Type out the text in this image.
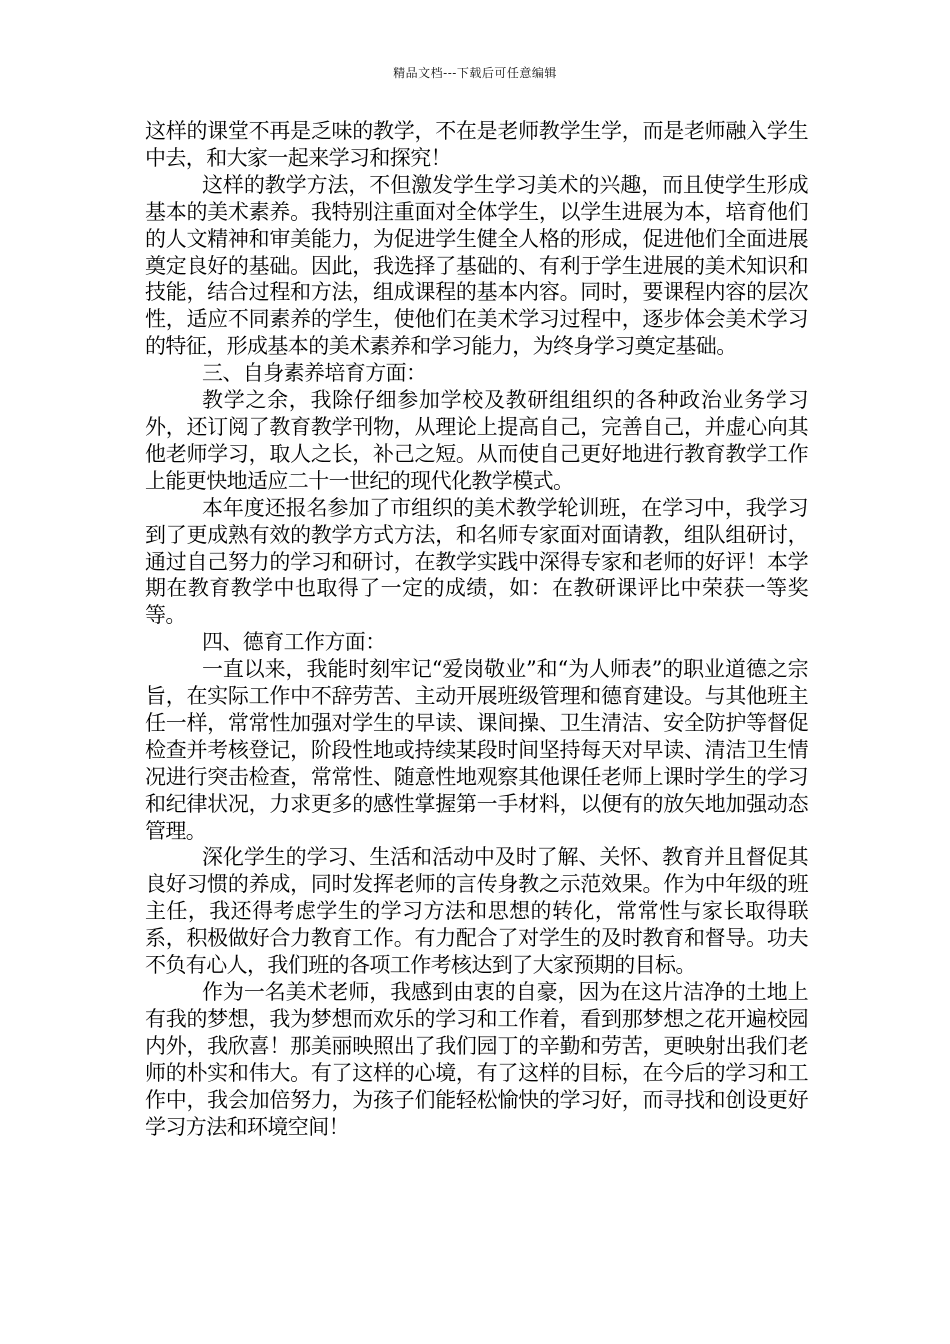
精品文档---下载后可任意编辑

这样的课堂不再是乏味的教学，不在是老师教学生学，而是老师融入学生中去，和大家一起来学习和探究！

这样的教学方法，不但激发学生学习美术的兴趣，而且使学生形成基本的美术素养。我特别注重面对全体学生，以学生进展为本，培育他们的人文精神和审美能力，为促进学生健全人格的形成，促进他们全面进展奠定良好的基础。因此，我选择了基础的、有利于学生进展的美术知识和技能，结合过程和方法，组成课程的基本内容。同时，要课程内容的层次性，适应不同素养的学生，使他们在美术学习过程中，逐步体会美术学习的特征，形成基本的美术素养和学习能力，为终身学习奠定基础。

三、自身素养培育方面：

教学之余，我除仔细参加学校及教研组组织的各种政治业务学习外，还订阅了教育教学刊物，从理论上提高自己，完善自己，并虚心向其他老师学习，取人之长，补己之短。从而使自己更好地进行教育教学工作上能更快地适应二十一世纪的现代化教学模式。

本年度还报名参加了市组织的美术教学轮训班，在学习中，我学习到了更成熟有效的教学方式方法，和名师专家面对面请教，组队组研讨，通过自己努力的学习和研讨，在教学实践中深得专家和老师的好评！本学期在教育教学中也取得了一定的成绩，如：在教研课评比中荣获一等奖等。

四、德育工作方面：

一直以来，我能时刻牢记“爱岗敬业”和“为人师表”的职业道德之宗旨，在实际工作中不辞劳苦、主动开展班级管理和德育建设。与其他班主任一样，常常性加强对学生的早读、课间操、卫生清洁、安全防护等督促检查并考核登记，阶段性地或持续某段时间坚持每天对早读、清洁卫生情况进行突击检查，常常性、随意性地观察其他课任老师上课时学生的学习和纪律状况，力求更多的感性掌握第一手材料，以便有的放矢地加强动态管理。

深化学生的学习、生活和活动中及时了解、关怀、教育并且督促其良好习惯的养成，同时发挥老师的言传身教之示范效果。作为中年级的班主任，我还得考虑学生的学习方法和思想的转化，常常性与家长取得联系，积极做好合力教育工作。有力配合了对学生的及时教育和督导。功夫不负有心人，我们班的各项工作考核达到了大家预期的目标。

作为一名美术老师，我感到由衷的自豪，因为在这片洁净的土地上有我的梦想，我为梦想而欢乐的学习和工作着，看到那梦想之花开遍校园内外，我欣喜！那美丽映照出了我们园丁的辛勤和劳苦，更映射出我们老师的朴实和伟大。有了这样的心境，有了这样的目标，在今后的学习和工作中，我会加倍努力，为孩子们能轻松愉快的学习好，而寻找和创设更好学习方法和环境空间！
